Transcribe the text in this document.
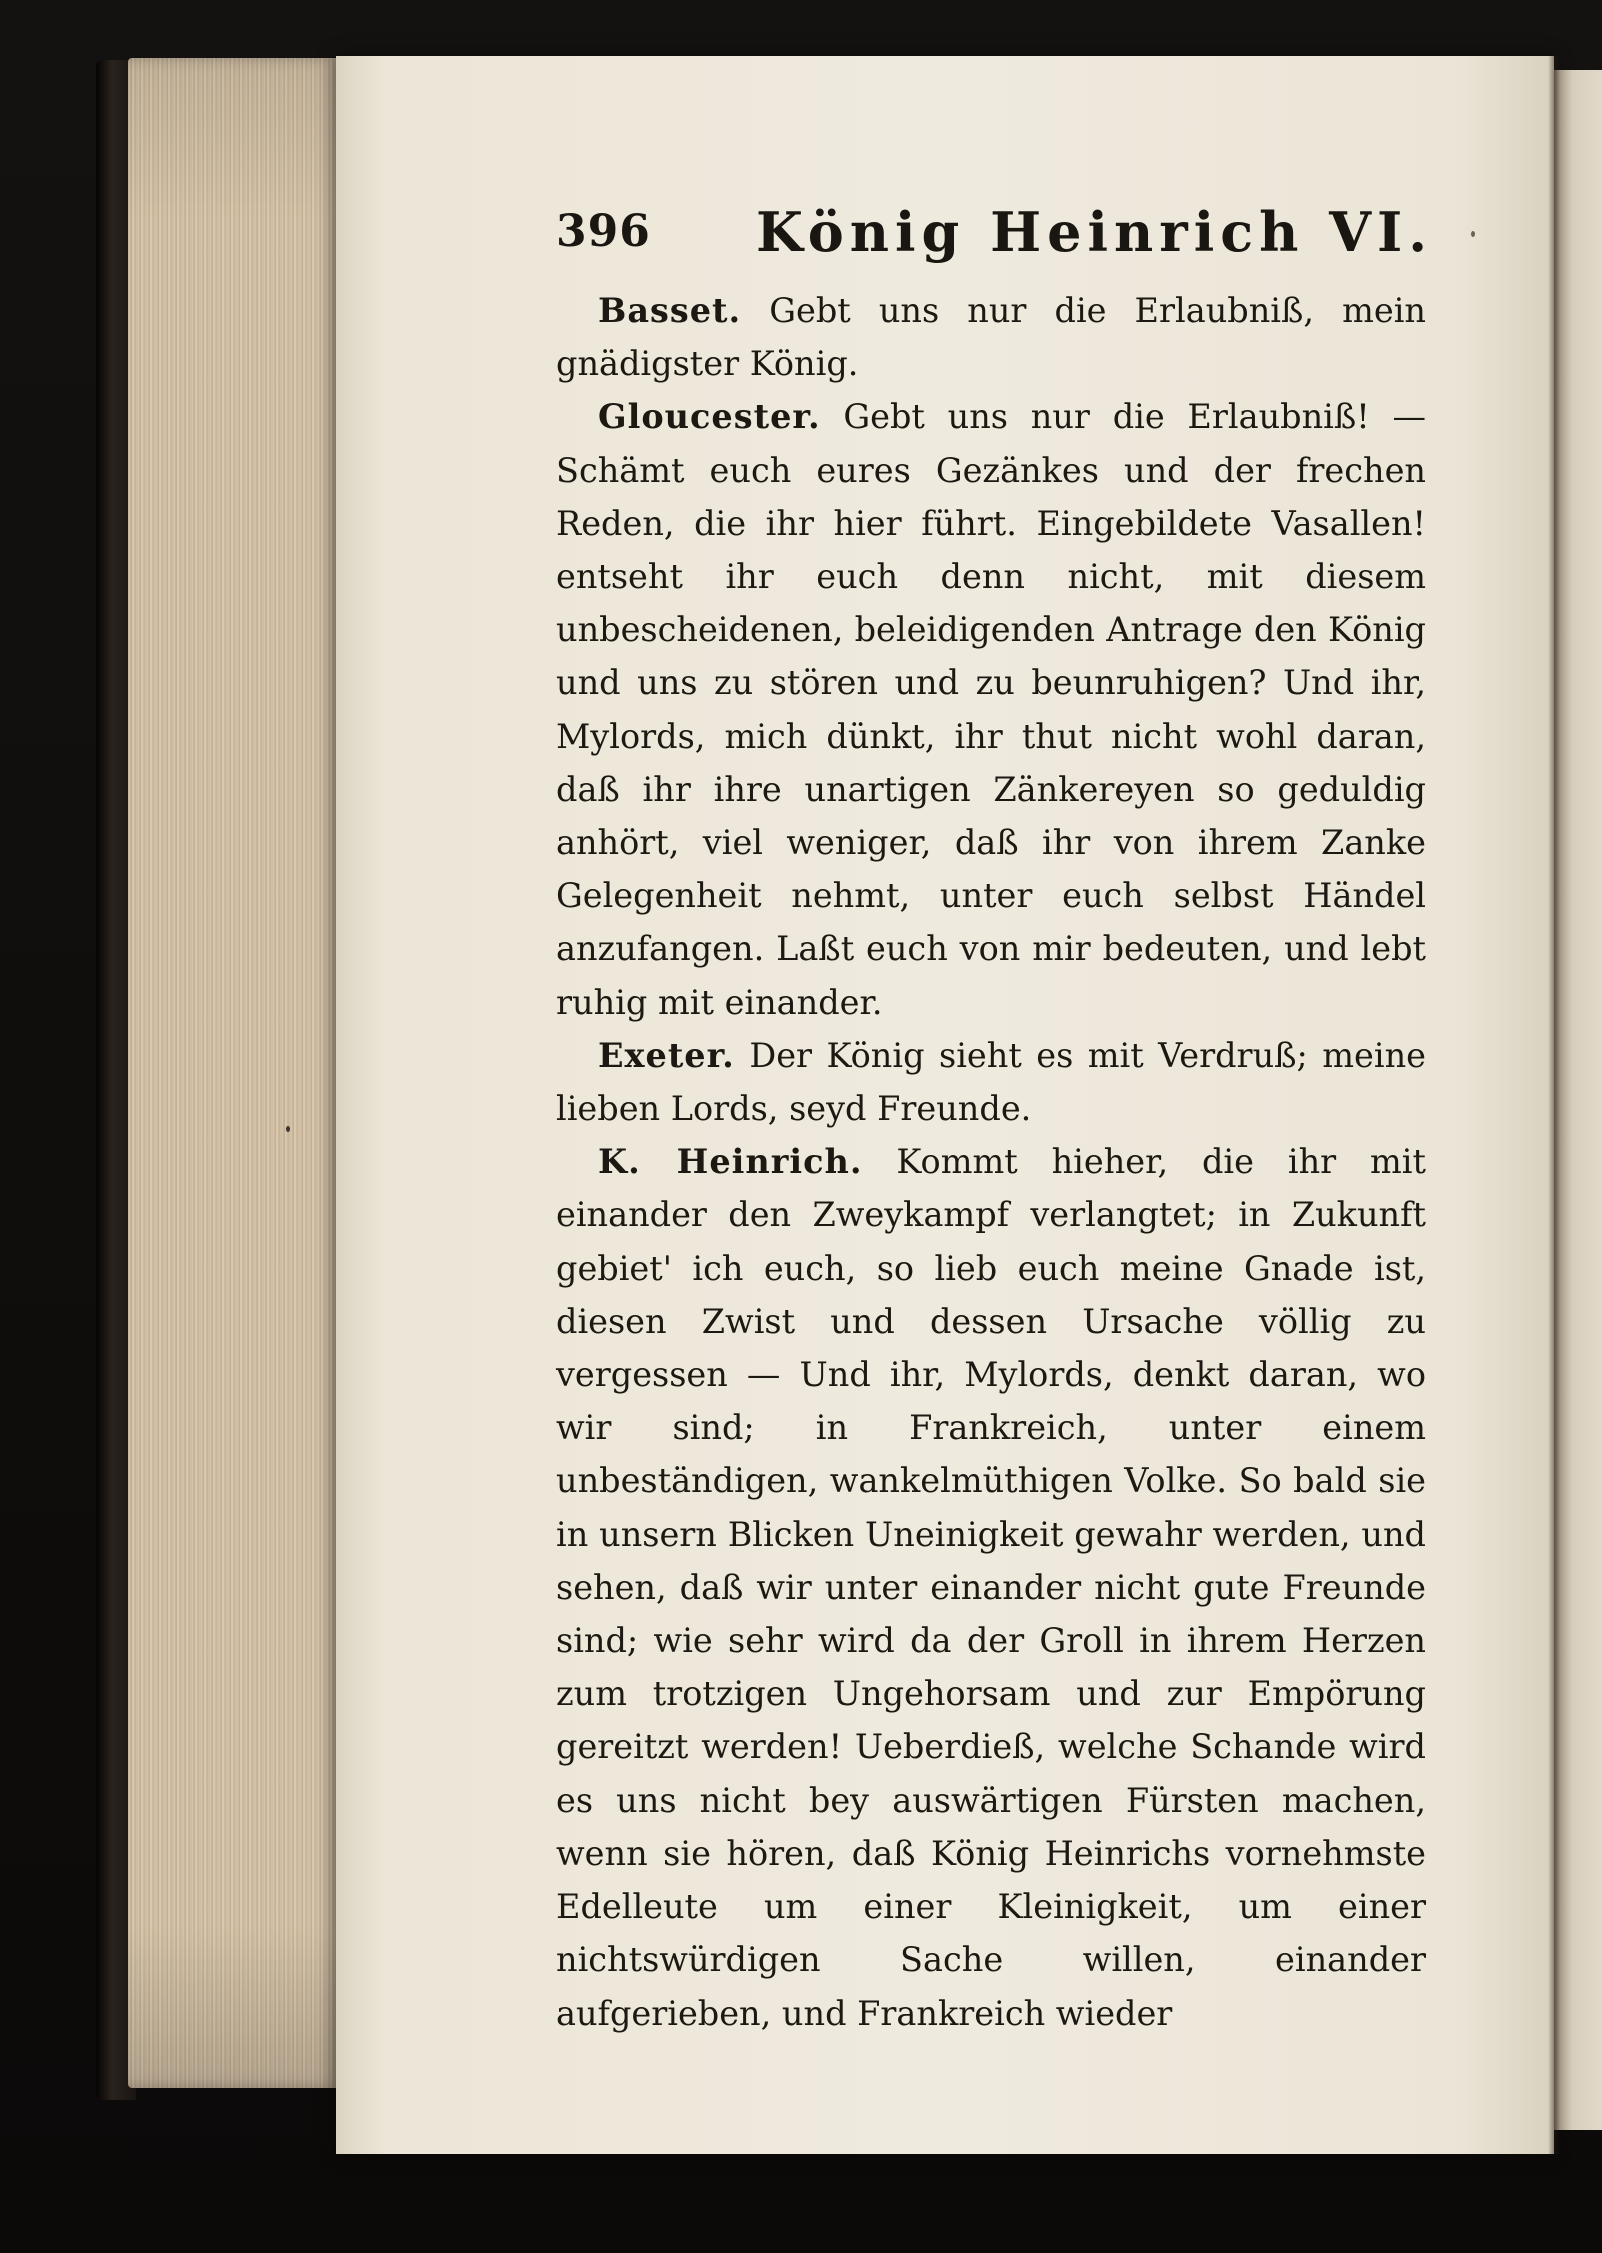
396 König Heinrich VI.

Basset. Gebt uns nur die Erlaubniß, mein gnädigster König.

Gloucester. Gebt uns nur die Erlaubniß! — Schämt euch eures Gezänkes und der frechen Reden, die ihr hier führt. Eingebildete Vasallen! entseht ihr euch denn nicht, mit diesem unbescheidenen, beleidigenden Antrage den König und uns zu stören und zu beunruhigen? Und ihr, Mylords, mich dünkt, ihr thut nicht wohl daran, daß ihr ihre unartigen Zänkereyen so geduldig anhört, viel weniger, daß ihr von ihrem Zanke Gelegenheit nehmt, unter euch selbst Händel anzufangen. Laßt euch von mir bedeuten, und lebt ruhig mit einander.

Exeter. Der König sieht es mit Verdruß; meine lieben Lords, seyd Freunde.

K. Heinrich. Kommt hieher, die ihr mit einander den Zweykampf verlangtet; in Zukunft gebiet' ich euch, so lieb euch meine Gnade ist, diesen Zwist und dessen Ursache völlig zu vergessen — Und ihr, Mylords, denkt daran, wo wir sind; in Frankreich, unter einem unbeständigen, wankelmüthigen Volke. So bald sie in unsern Blicken Uneinigkeit gewahr werden, und sehen, daß wir unter einander nicht gute Freunde sind; wie sehr wird da der Groll in ihrem Herzen zum trotzigen Ungehorsam und zur Empörung gereitzt werden! Ueberdieß, welche Schande wird es uns nicht bey auswärtigen Fürsten machen, wenn sie hören, daß König Heinrichs vornehmste Edelleute um einer Kleinigkeit, um einer nichtswürdigen Sache willen, einander aufgerieben, und Frankreich wieder
